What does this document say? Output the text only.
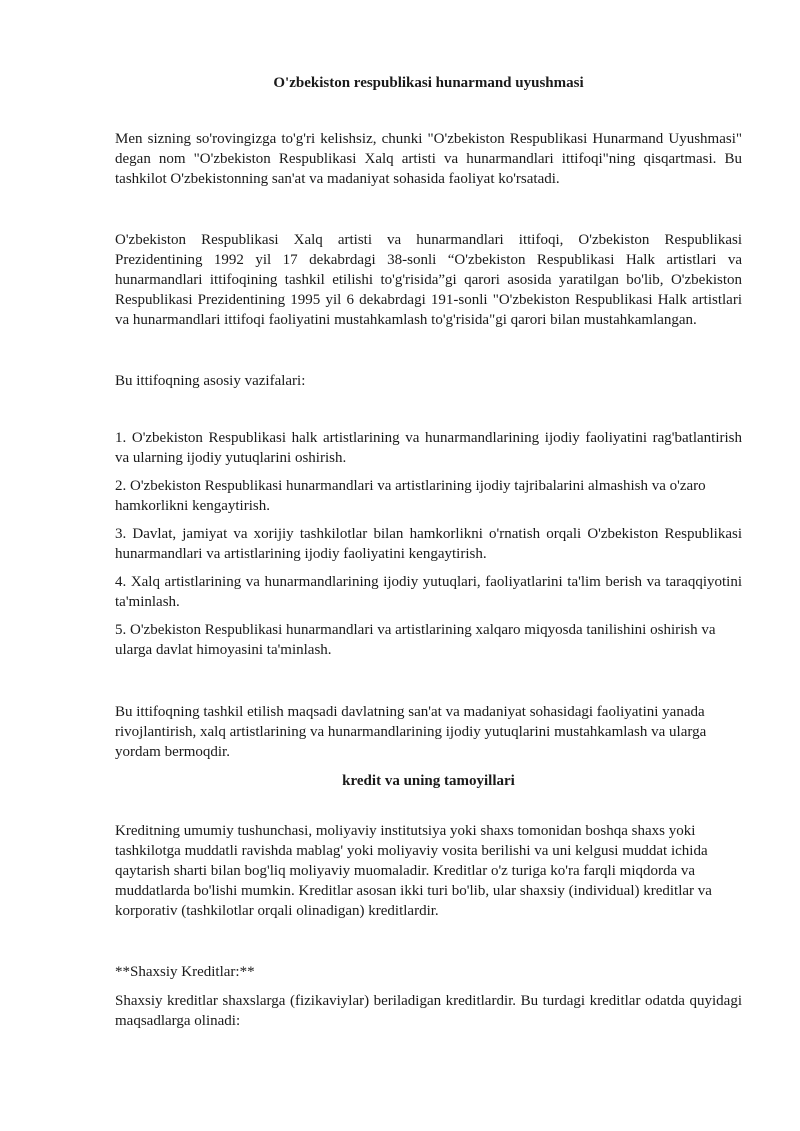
O'zbekiston respublikasi hunarmand uyushmasi

Men sizning so'rovingizga to'g'ri kelishsiz, chunki "O'zbekiston Respublikasi Hunarmand Uyushmasi" degan nom "O'zbekiston Respublikasi Xalq artisti va hunarmandlari ittifoqi"ning qisqartmasi. Bu tashkilot O'zbekistonning san'at va madaniyat sohasida faoliyat ko'rsatadi.

O'zbekiston Respublikasi Xalq artisti va hunarmandlari ittifoqi, O'zbekiston Respublikasi Prezidentining 1992 yil 17 dekabrdagi 38-sonli “O'zbekiston Respublikasi Halk artistlari va hunarmandlari ittifoqining tashkil etilishi to'g'risida”gi qarori asosida yaratilgan bo'lib, O'zbekiston Respublikasi Prezidentining 1995 yil 6 dekabrdagi 191-sonli "O'zbekiston Respublikasi Halk artistlari va hunarmandlari ittifoqi faoliyatini mustahkamlash to'g'risida"gi qarori bilan mustahkamlangan.

Bu ittifoqning asosiy vazifalari:

1. O'zbekiston Respublikasi halk artistlarining va hunarmandlarining ijodiy faoliyatini rag'batlantirish va ularning ijodiy yutuqlarini oshirish.

2. O'zbekiston Respublikasi hunarmandlari va artistlarining ijodiy tajribalarini almashish va o'zaro hamkorlikni kengaytirish.

3. Davlat, jamiyat va xorijiy tashkilotlar bilan hamkorlikni o'rnatish orqali O'zbekiston Respublikasi hunarmandlari va artistlarining ijodiy faoliyatini kengaytirish.

4. Xalq artistlarining va hunarmandlarining ijodiy yutuqlari, faoliyatlarini ta'lim berish va taraqqiyotini ta'minlash.

5. O'zbekiston Respublikasi hunarmandlari va artistlarining xalqaro miqyosda tanilishini oshirish va ularga davlat himoyasini ta'minlash.

Bu ittifoqning tashkil etilish maqsadi davlatning san'at va madaniyat sohasidagi faoliyatini yanada rivojlantirish, xalq artistlarining va hunarmandlarining ijodiy yutuqlarini mustahkamlash va ularga yordam bermoqdir.

kredit va uning tamoyillari

Kreditning umumiy tushunchasi, moliyaviy institutsiya yoki shaxs tomonidan boshqa shaxs yoki tashkilotga muddatli ravishda mablag' yoki moliyaviy vosita berilishi va uni kelgusi muddat ichida qaytarish sharti bilan bog'liq moliyaviy muomaladir. Kreditlar o'z turiga ko'ra farqli miqdorda va muddatlarda bo'lishi mumkin. Kreditlar asosan ikki turi bo'lib, ular shaxsiy (individual) kreditlar va korporativ (tashkilotlar orqali olinadigan) kreditlardir.

**Shaxsiy Kreditlar:**

Shaxsiy kreditlar shaxslarga (fizikaviylar) beriladigan kreditlardir. Bu turdagi kreditlar odatda quyidagi maqsadlarga olinadi:
